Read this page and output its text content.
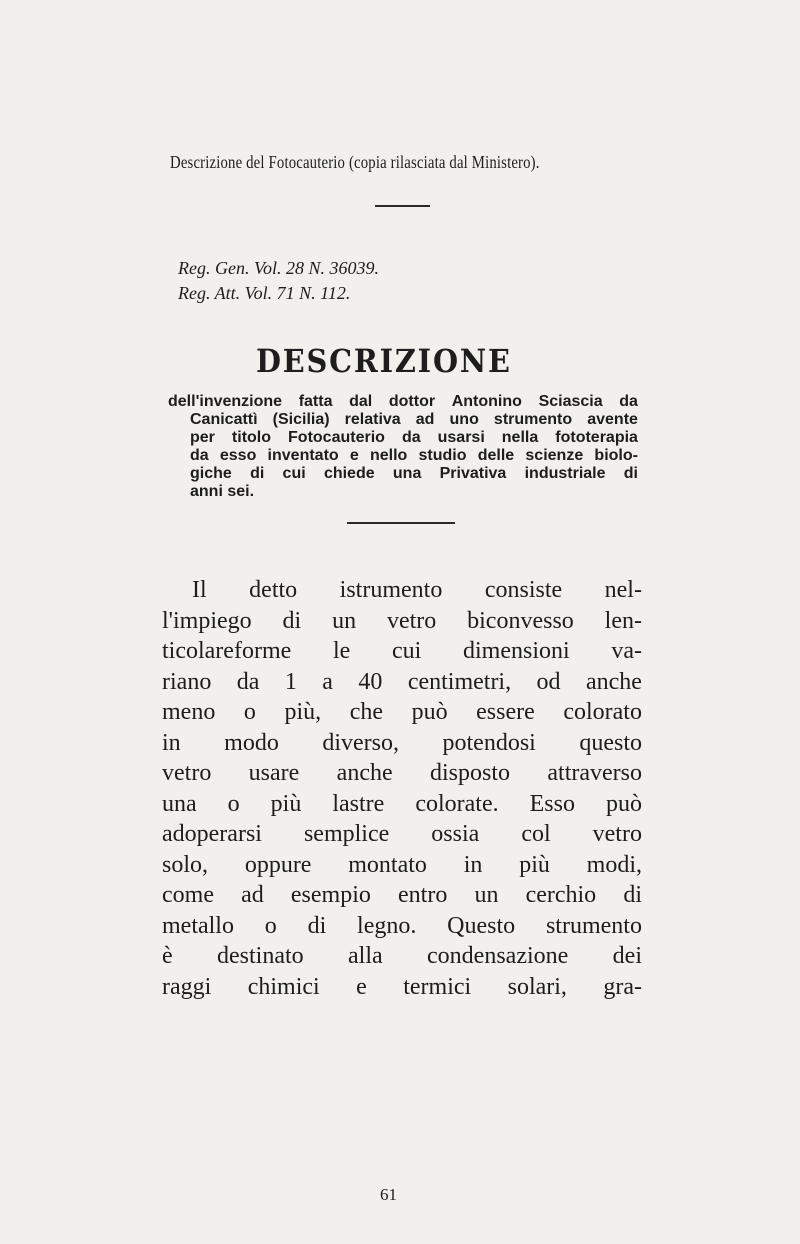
Descrizione del Fotocauterio (copia rilasciata dal Ministero).
Reg. Gen. Vol. 28 N. 36039.
Reg. Att. Vol. 71 N. 112.
DESCRIZIONE
dell'invenzione fatta dal dottor Antonino Sciascia da
Canicattì (Sicilia) relativa ad uno strumento avente
per titolo Fotocauterio da usarsi nella fototerapia
da esso inventato e nello studio delle scienze biolo-
giche di cui chiede una Privativa industriale di
anni sei.
Il detto istrumento consiste nel-
l'impiego di un vetro biconvesso len-
ticolareforme le cui dimensioni va-
riano da 1 a 40 centimetri, od anche
meno o più, che può essere colorato
in modo diverso, potendosi questo
vetro usare anche disposto attraverso
una o più lastre colorate. Esso può
adoperarsi semplice ossia col vetro
solo, oppure montato in più modi,
come ad esempio entro un cerchio di
metallo o di legno. Questo strumento
è destinato alla condensazione dei
raggi chimici e termici solari, gra-
61
